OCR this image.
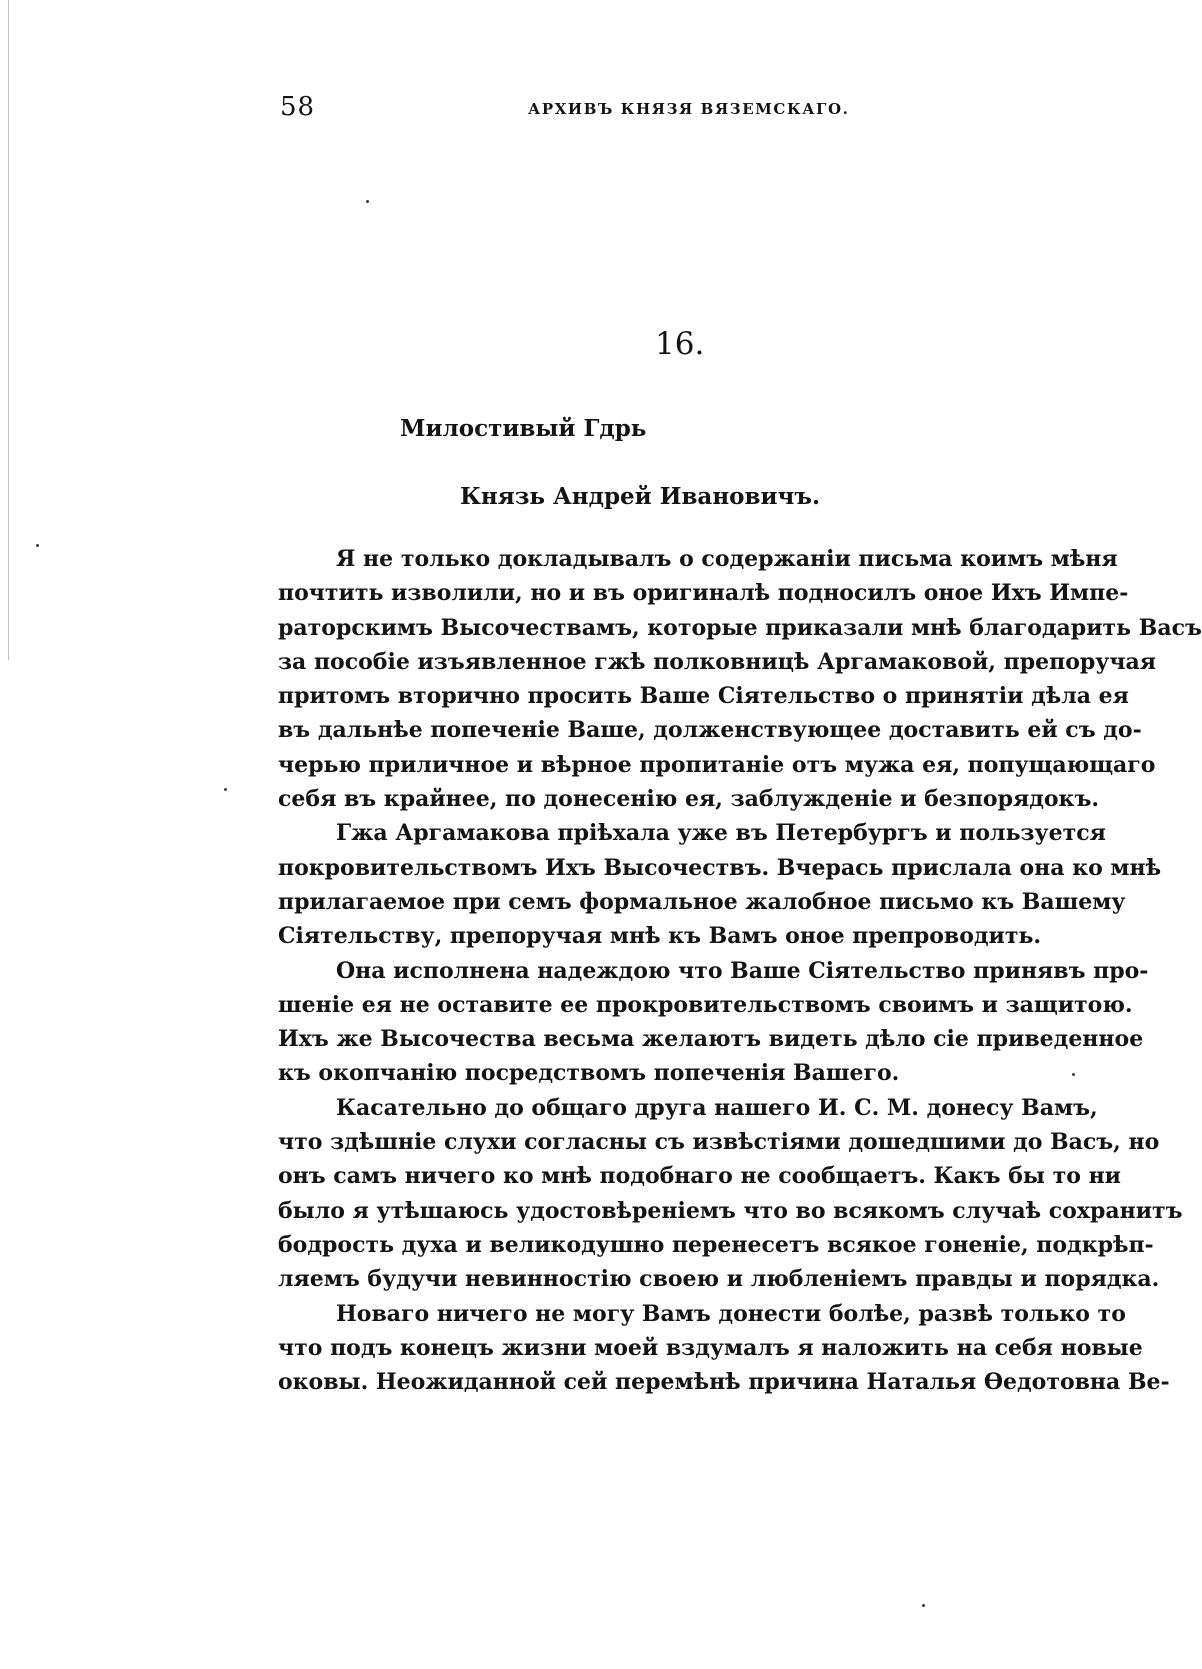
58	АРХИВЪ КНЯЗЯ ВЯЗЕМСКАГО.
16.
Милостивый Гдрь
Князь Андрей Ивановичъ.
Я не только докладывалъ о содержанiи письма коимъ мѣня
почтить изволили, но и въ оригиналѣ подносилъ оное Ихъ Импе-
раторскимъ Высочествамъ, которые приказали мнѣ благодарить Васъ
за пособiе изъявленное гжѣ полковницѣ Аргамаковой, препоручая
притомъ вторично просить Ваше Сiятельство о принятiи дѣла ея
въ дальнѣе попеченiе Ваше, долженствующее доставить ей съ до-
черью приличное и вѣрное пропитанiе отъ мужа ея, попущающаго
себя въ крайнее, по донесенiю ея, заблужденiе и безпорядокъ.
Гжа Аргамакова прiѣхала уже въ Петербургъ и пользуется
покровительствомъ Ихъ Высочествъ. Вчерась прислала она ко мнѣ
прилагаемое при семъ формальное жалобное письмо къ Вашему
Сiятельству, препоручая мнѣ къ Вамъ оное препроводить.
Она исполнена надеждою что Ваше Сiятельство принявъ про-
шенiе ея не оставите ее прокровительствомъ своимъ и защитою.
Ихъ же Высочества весьма желаютъ видеть дѣло сiе приведенное
къ окопчанiю посредствомъ попеченiя Вашего.
Касательно до общаго друга нашего И. С. М. донесу Вамъ,
что здѣшнiе слухи согласны съ извѣстiями дошедшими до Васъ, но
онъ самъ ничего ко мнѣ подобнаго не сообщаетъ. Какъ бы то ни
было я утѣшаюсь удостовѣренiемъ что во всякомъ случаѣ сохранитъ
бодрость духа и великодушно перенесетъ всякое гоненiе, подкрѣп-
ляемъ будучи невинностiю своею и любленiемъ правды и порядка.
Новаго ничего не могу Вамъ донести болѣе, развѣ только то
что подъ конецъ жизни моей вздумалъ я наложить на себя новые
оковы. Неожиданной сей перемѣнѣ причина Наталья Өедотовна Ве-
